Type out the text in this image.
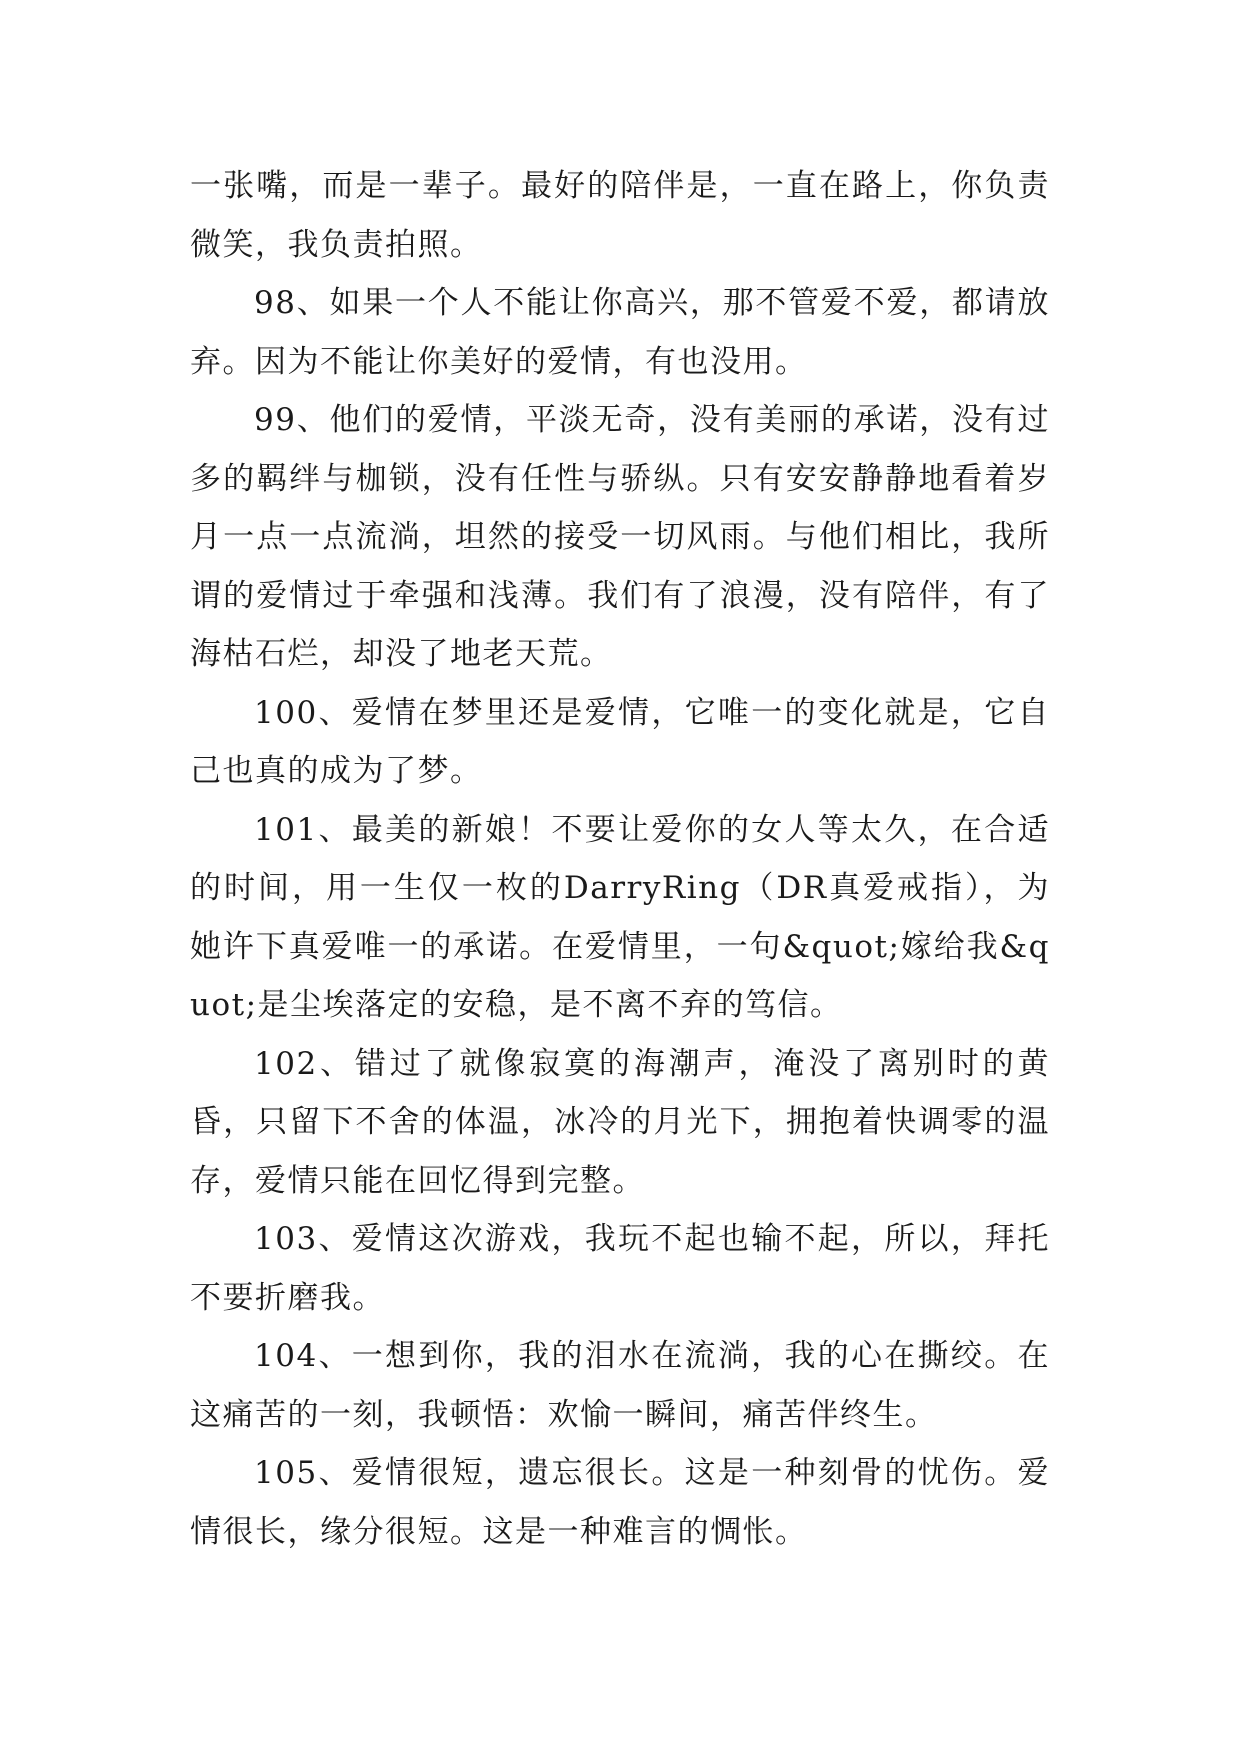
一张嘴，而是一辈子。最好的陪伴是，一直在路上，你负责微笑，我负责拍照。

98、如果一个人不能让你高兴，那不管爱不爱，都请放弃。因为不能让你美好的爱情，有也没用。

99、他们的爱情，平淡无奇，没有美丽的承诺，没有过多的羁绊与枷锁，没有任性与骄纵。只有安安静静地看着岁月一点一点流淌，坦然的接受一切风雨。与他们相比，我所谓的爱情过于牵强和浅薄。我们有了浪漫，没有陪伴，有了海枯石烂，却没了地老天荒。

100、爱情在梦里还是爱情，它唯一的变化就是，它自己也真的成为了梦。

101、最美的新娘！不要让爱你的女人等太久，在合适的时间，用一生仅一枚的DarryRing（DR真爱戒指），为她许下真爱唯一的承诺。在爱情里，一句&quot;嫁给我&quot;是尘埃落定的安稳，是不离不弃的笃信。

102、错过了就像寂寞的海潮声，淹没了离别时的黄昏，只留下不舍的体温，冰冷的月光下，拥抱着快调零的温存，爱情只能在回忆得到完整。

103、爱情这次游戏，我玩不起也输不起，所以，拜托不要折磨我。

104、一想到你，我的泪水在流淌，我的心在撕绞。在这痛苦的一刻，我顿悟：欢愉一瞬间，痛苦伴终生。

105、爱情很短，遗忘很长。这是一种刻骨的忧伤。爱情很长，缘分很短。这是一种难言的惆怅。
